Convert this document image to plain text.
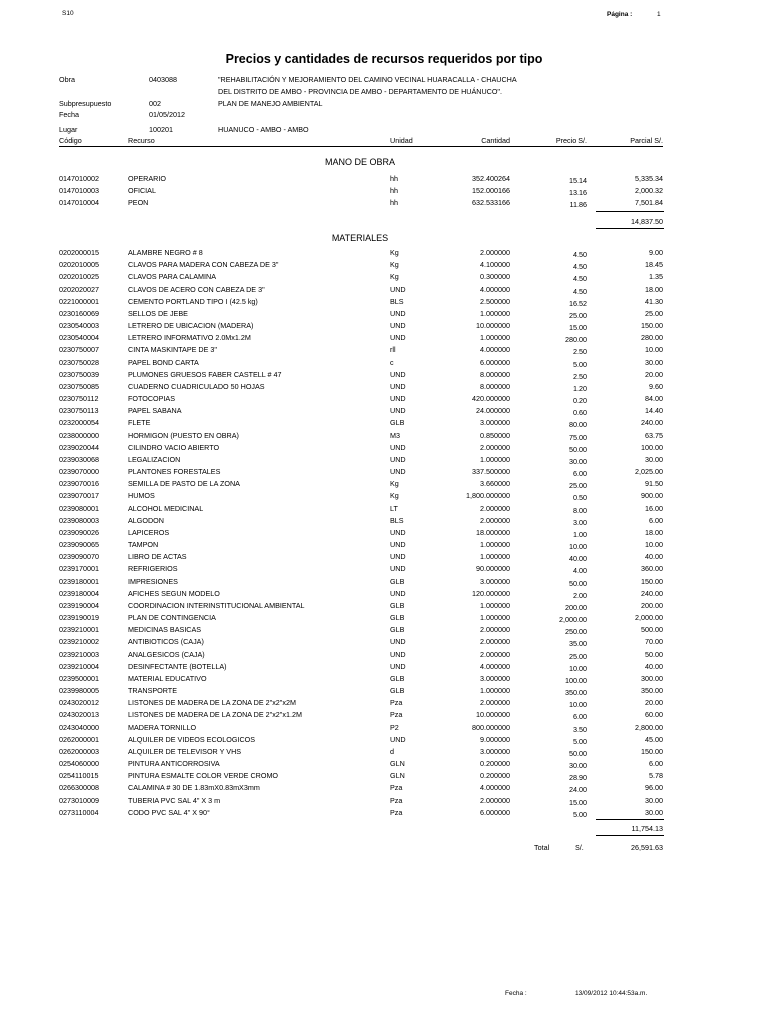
S10	Página :	1
Precios y cantidades de recursos requeridos por tipo
Obra	0403088	"REHABILITACIÓN Y MEJORAMIENTO DEL CAMINO VECINAL HUARACALLA - CHAUCHA
DEL DISTRITO DE AMBO - PROVINCIA DE AMBO - DEPARTAMENTO DE HUÁNUCO".
Subpresupuesto	002	PLAN DE MANEJO AMBIENTAL
Fecha	01/05/2012
Lugar	100201	HUANUCO - AMBO - AMBO
Código	Recurso	Unidad	Cantidad	Precio S/.	Parcial S/.
MANO DE OBRA
0147010002	OPERARIO	hh	352.400264	15.14	5,335.34
0147010003	OFICIAL	hh	152.000166	13.16	2,000.32
0147010004	PEON	hh	632.533166	11.86	7,501.84
14,837.50
MATERIALES
0202000015	ALAMBRE NEGRO # 8	Kg	2.000000	4.50	9.00
0202010005	CLAVOS PARA MADERA CON CABEZA DE 3"	Kg	4.100000	4.50	18.45
0202010025	CLAVOS PARA CALAMINA	Kg	0.300000	4.50	1.35
0202020027	CLAVOS DE ACERO CON CABEZA DE 3"	UND	4.000000	4.50	18.00
0221000001	CEMENTO PORTLAND TIPO I (42.5 kg)	BLS	2.500000	16.52	41.30
0230160069	SELLOS DE JEBE	UND	1.000000	25.00	25.00
0230540003	LETRERO DE UBICACION (MADERA)	UND	10.000000	15.00	150.00
0230540004	LETRERO INFORMATIVO 2.0Mx1.2M	UND	1.000000	280.00	280.00
0230750007	CINTA MASKINTAPE DE 3"	rll	4.000000	2.50	10.00
0230750028	PAPEL BOND CARTA	c	6.000000	5.00	30.00
0230750039	PLUMONES GRUESOS FABER CASTELL # 47	UND	8.000000	2.50	20.00
0230750085	CUADERNO CUADRICULADO 50 HOJAS	UND	8.000000	1.20	9.60
0230750112	FOTOCOPIAS	UND	420.000000	0.20	84.00
0230750113	PAPEL SABANA	UND	24.000000	0.60	14.40
0232000054	FLETE	GLB	3.000000	80.00	240.00
0238000000	HORMIGON (PUESTO EN OBRA)	M3	0.850000	75.00	63.75
0239020044	CILINDRO VACIO ABIERTO	UND	2.000000	50.00	100.00
0239030068	LEGALIZACION	UND	1.000000	30.00	30.00
0239070000	PLANTONES FORESTALES	UND	337.500000	6.00	2,025.00
0239070016	SEMILLA DE PASTO DE LA ZONA	Kg	3.660000	25.00	91.50
0239070017	HUMOS	Kg	1,800.000000	0.50	900.00
0239080001	ALCOHOL MEDICINAL	LT	2.000000	8.00	16.00
0239080003	ALGODON	BLS	2.000000	3.00	6.00
0239090026	LAPICEROS	UND	18.000000	1.00	18.00
0239090065	TAMPON	UND	1.000000	10.00	10.00
0239090070	LIBRO DE ACTAS	UND	1.000000	40.00	40.00
0239170001	REFRIGERIOS	UND	90.000000	4.00	360.00
0239180001	IMPRESIONES	GLB	3.000000	50.00	150.00
0239180004	AFICHES SEGUN MODELO	UND	120.000000	2.00	240.00
0239190004	COORDINACION INTERINSTITUCIONAL AMBIENTAL	GLB	1.000000	200.00	200.00
0239190019	PLAN DE CONTINGENCIA	GLB	1.000000	2,000.00	2,000.00
0239210001	MEDICINAS BASICAS	GLB	2.000000	250.00	500.00
0239210002	ANTIBIOTICOS (CAJA)	UND	2.000000	35.00	70.00
0239210003	ANALGESICOS (CAJA)	UND	2.000000	25.00	50.00
0239210004	DESINFECTANTE (BOTELLA)	UND	4.000000	10.00	40.00
0239500001	MATERIAL EDUCATIVO	GLB	3.000000	100.00	300.00
0239980005	TRANSPORTE	GLB	1.000000	350.00	350.00
0243020012	LISTONES DE MADERA DE LA ZONA DE 2"x2"x2M	Pza	2.000000	10.00	20.00
0243020013	LISTONES DE MADERA DE LA ZONA DE 2"x2"x1.2M	Pza	10.000000	6.00	60.00
0243040000	MADERA TORNILLO	P2	800.000000	3.50	2,800.00
0262000001	ALQUILER DE VIDEOS ECOLOGICOS	UND	9.000000	5.00	45.00
0262000003	ALQUILER DE TELEVISOR Y VHS	d	3.000000	50.00	150.00
0254060000	PINTURA ANTICORROSIVA	GLN	0.200000	30.00	6.00
0254110015	PINTURA ESMALTE COLOR VERDE CROMO	GLN	0.200000	28.90	5.78
0266300008	CALAMINA # 30 DE 1.83mX0.83mX3mm	Pza	4.000000	24.00	96.00
0273010009	TUBERIA PVC SAL 4" X 3 m	Pza	2.000000	15.00	30.00
0273110004	CODO PVC SAL 4" X 90°	Pza	6.000000	5.00	30.00
11,754.13
Total	S/.	26,591.63
Fecha :	13/09/2012 10:44:53a.m.
